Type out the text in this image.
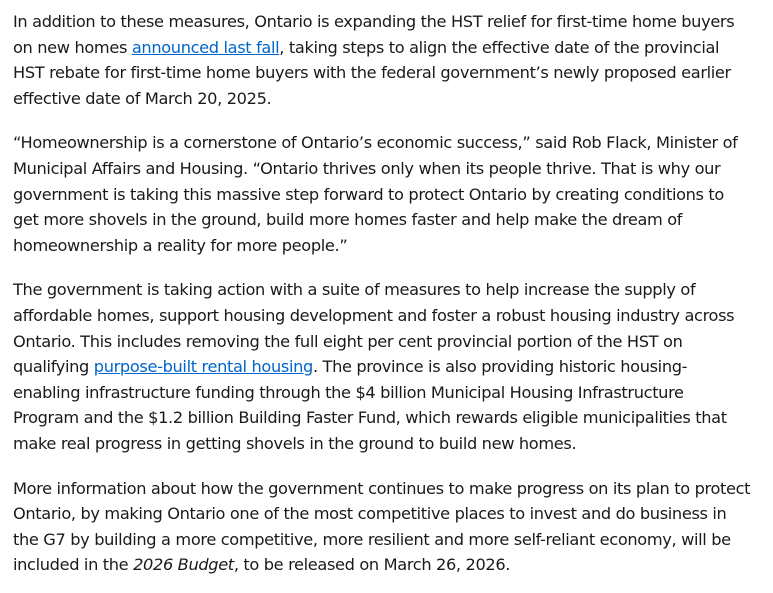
In addition to these measures, Ontario is expanding the HST relief for first-time home buyers on new homes announced last fall, taking steps to align the effective date of the provincial HST rebate for first-time home buyers with the federal government’s newly proposed earlier effective date of March 20, 2025.

“Homeownership is a cornerstone of Ontario’s economic success,” said Rob Flack, Minister of Municipal Affairs and Housing. “Ontario thrives only when its people thrive. That is why our government is taking this massive step forward to protect Ontario by creating conditions to get more shovels in the ground, build more homes faster and help make the dream of homeownership a reality for more people.”

The government is taking action with a suite of measures to help increase the supply of affordable homes, support housing development and foster a robust housing industry across Ontario. This includes removing the full eight per cent provincial portion of the HST on qualifying purpose-built rental housing. The province is also providing historic housing-enabling infrastructure funding through the $4 billion Municipal Housing Infrastructure Program and the $1.2 billion Building Faster Fund, which rewards eligible municipalities that make real progress in getting shovels in the ground to build new homes.

More information about how the government continues to make progress on its plan to protect Ontario, by making Ontario one of the most competitive places to invest and do business in the G7 by building a more competitive, more resilient and more self-reliant economy, will be included in the 2026 Budget, to be released on March 26, 2026.
